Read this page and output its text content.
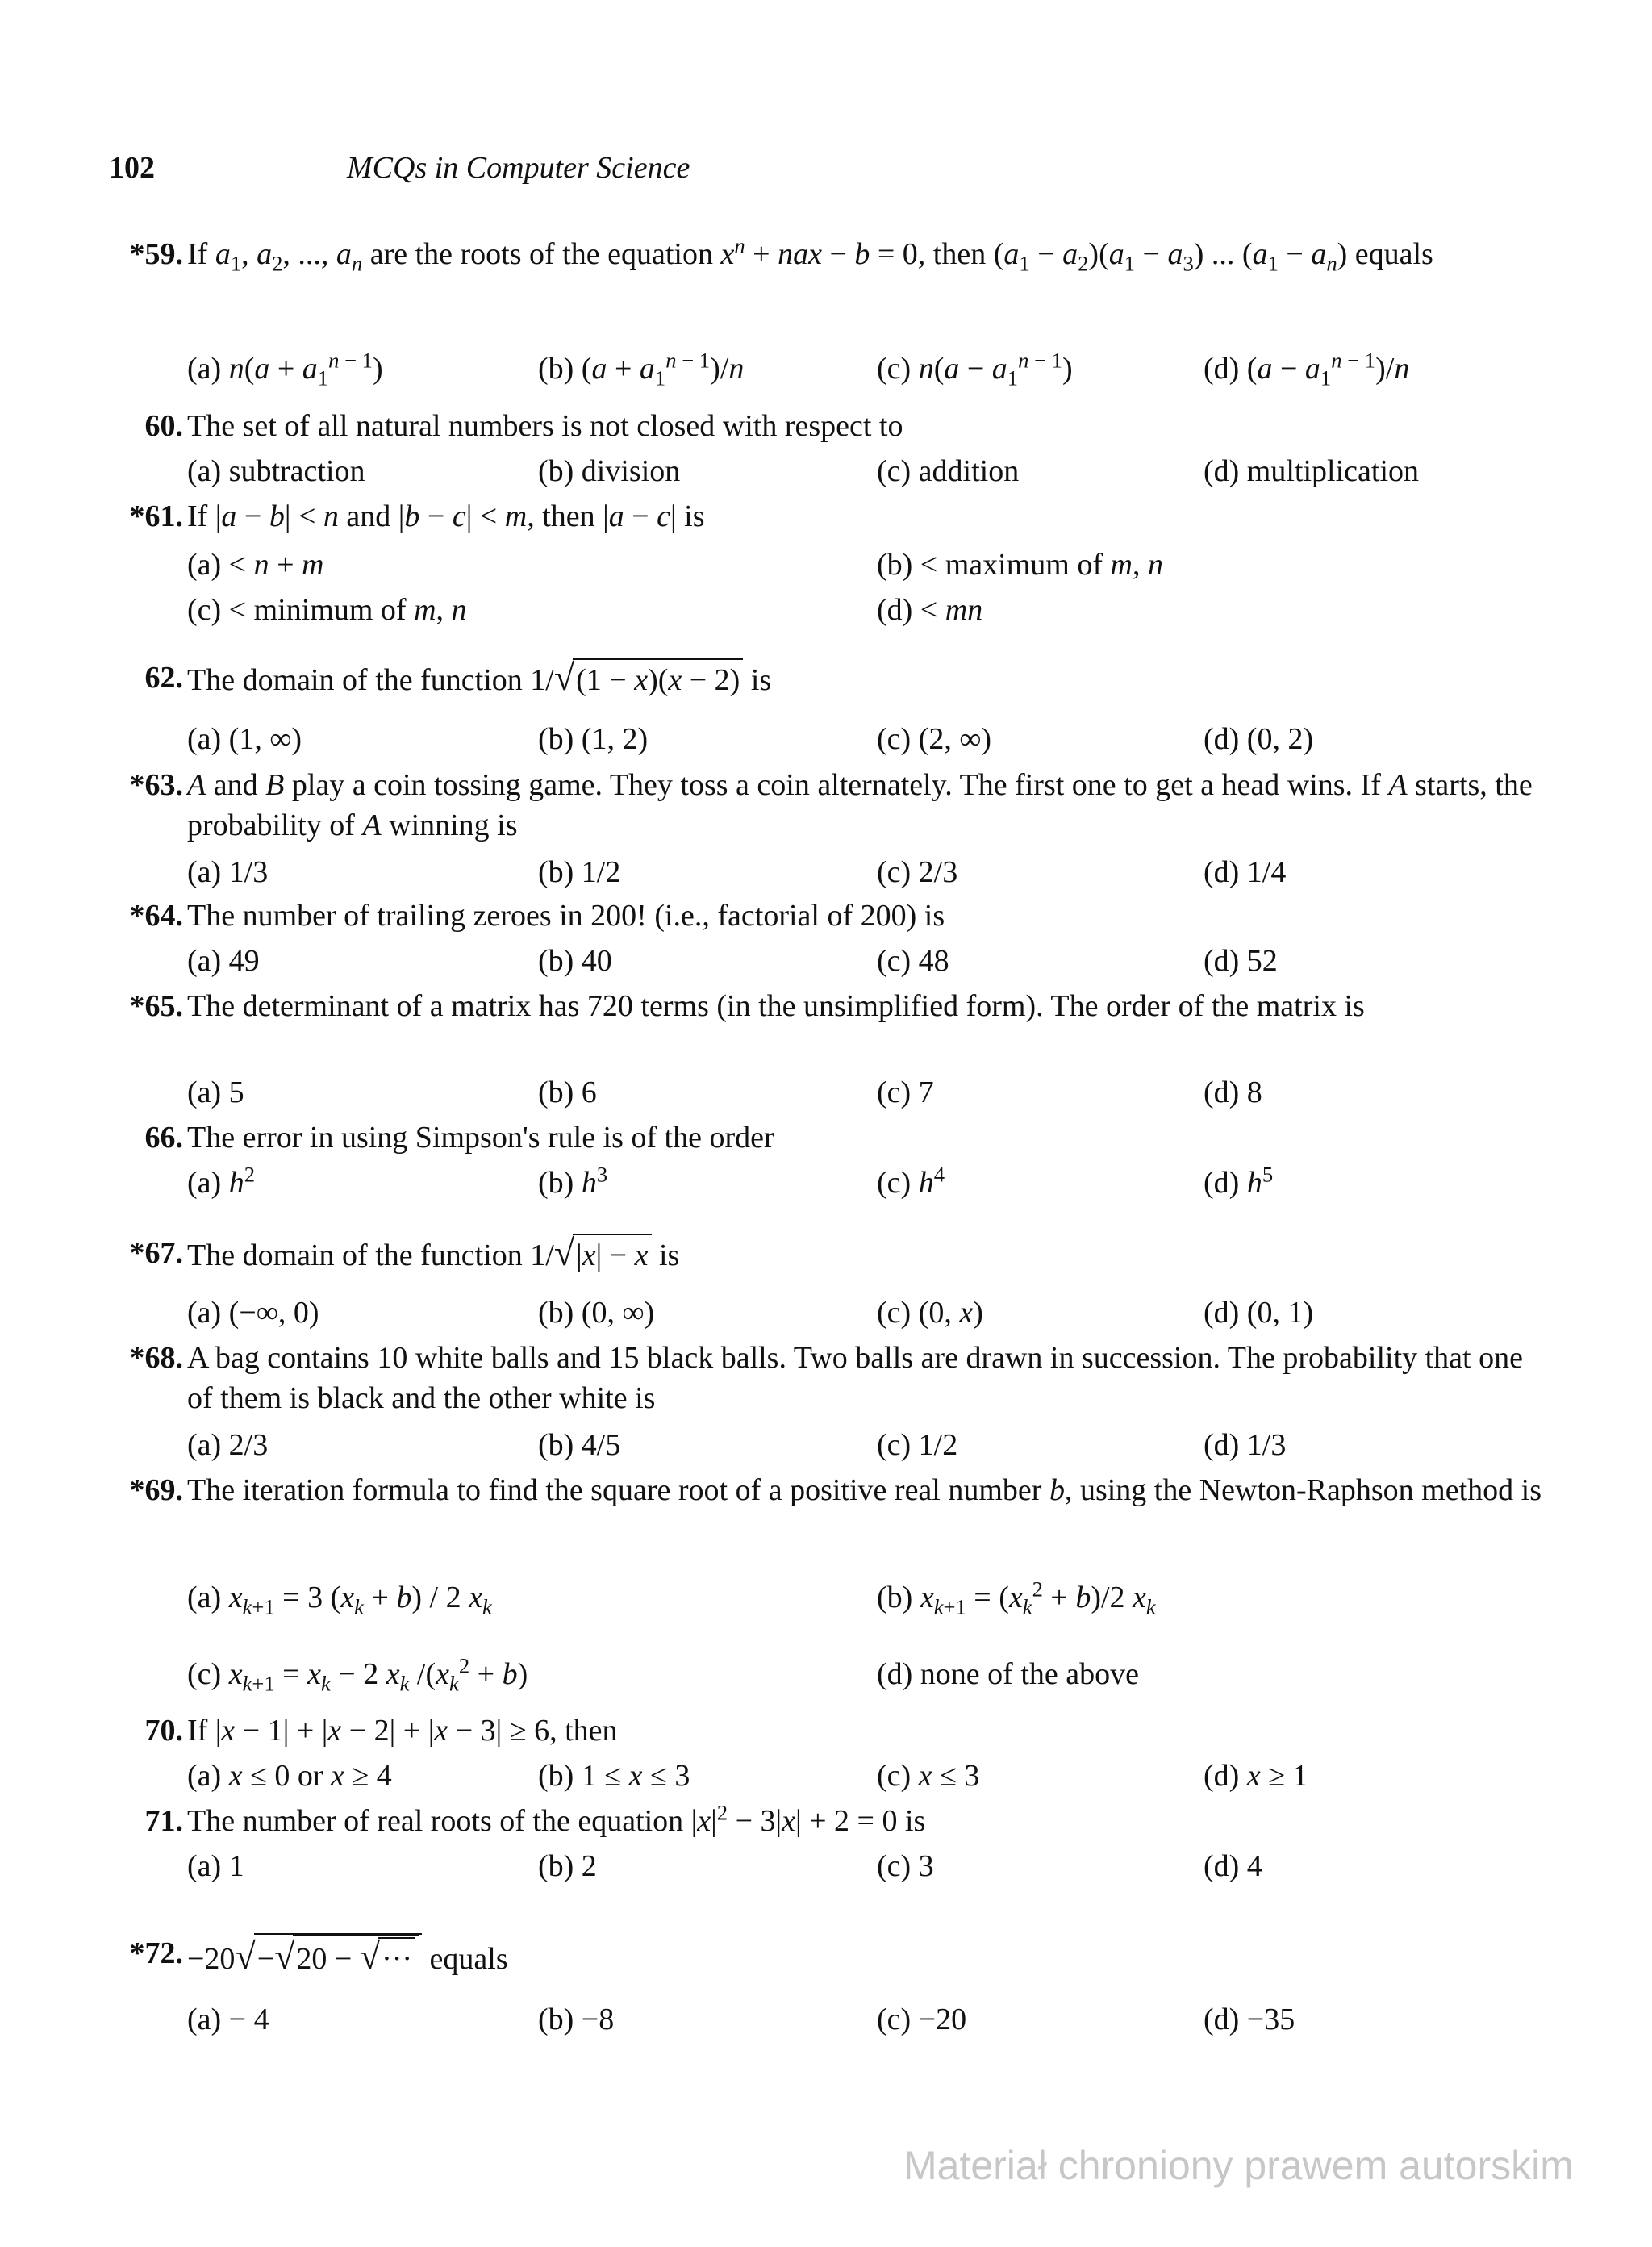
102	MCQs in Computer Science
*59. If $a_1$, $a_2$, ..., $a_n$ are the roots of the equation $x^n$ + nax − b = 0, then $(a_1 - a_2)(a_1 - a_3)$ ... $(a_1 - a_n)$ equals
(a) $n(a + a_1^{n - 1})$	(b) $(a + a_1^{n - 1})/n$	(c) $n(a - a_1^{n - 1})$	(d) $(a - a_1^{n - 1})/n$
60. The set of all natural numbers is not closed with respect to
(a) subtraction	(b) division	(c) addition	(d) multiplication
*61. If |a − b| < n and |b − c| < m, then |a − c| is
(a) < n + m	(b) < maximum of m, n
(c) < minimum of m, n	(d) < mn
62. The domain of the function 1/√(1 − x)(x − 2) is
(a) (1, ∞)	(b) (1, 2)	(c) (2, ∞)	(d) (0, 2)
*63. A and B play a coin tossing game. They toss a coin alternately. The first one to get a head wins. If A starts, the probability of A winning is
(a) 1/3	(b) 1/2	(c) 2/3	(d) 1/4
*64. The number of trailing zeroes in 200! (i.e., factorial of 200) is
(a) 49	(b) 40	(c) 48	(d) 52
*65. The determinant of a matrix has 720 terms (in the unsimplified form). The order of the matrix is
(a) 5	(b) 6	(c) 7	(d) 8
66. The error in using Simpson's rule is of the order
(a) $h^2$	(b) $h^3$	(c) $h^4$	(d) $h^5$
*67. The domain of the function 1/√|x| − x is
(a) (−∞, 0)	(b) (0, ∞)	(c) (0, x)	(d) (0, 1)
*68. A bag contains 10 white balls and 15 black balls. Two balls are drawn in succession. The probability that one of them is black and the other white is
(a) 2/3	(b) 4/5	(c) 1/2	(d) 1/3
*69. The iteration formula to find the square root of a positive real number b, using the Newton-Raphson method is
(a) $x_{k+1} = 3$ $(x_k + b) / 2$ $x_k$	(b) $x_{k+1} = (x_k^2 + b)/2$ $x_k$
(c) $x_{k+1} = x_k - 2$ $x_k$ $/(x_k^2 + b)$	(d) none of the above
70. If |x − 1| + |x − 2| + |x − 3| ≥ 6, then
(a) x ≤ 0 or x ≥ 4	(b) 1 ≤ x ≤ 3	(c) x ≤ 3	(d) x ≥ 1
71. The number of real roots of the equation $|x|^2 - 3|x| + 2 = 0$ is
(a) 1	(b) 2	(c) 3	(d) 4
*72. −20√−√20 − √··· equals
(a) − 4	(b) −8	(c) −20	(d) −35
Materiał chroniony prawem autorskim
